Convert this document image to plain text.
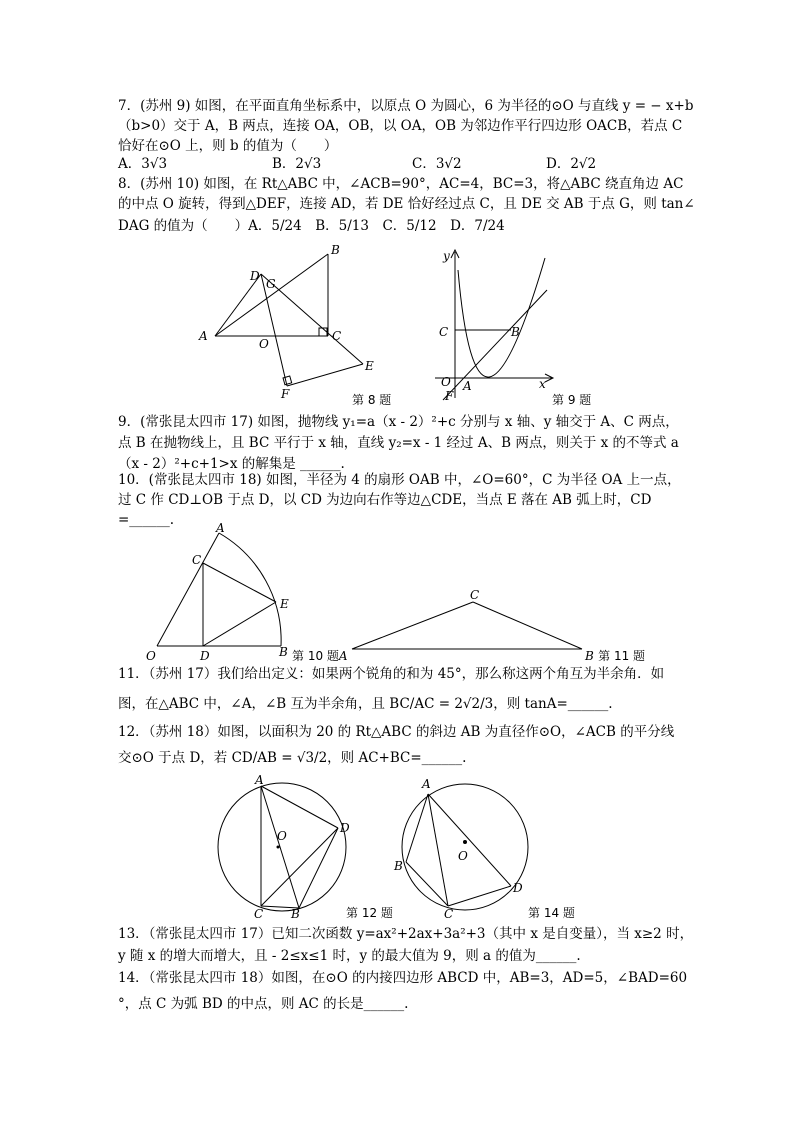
7．(苏州 9) 如图，在平面直角坐标系中，以原点 O 为圆心，6 为半径的⊙O 与直线 y = − x+b
（b>0）交于 A，B 两点，连接 OA，OB，以 OA，OB 为邻边作平行四边形 OACB，若点 C
恰好在⊙O 上，则 b 的值为（　　）
A．3√3	B．2√3	C．3√2	D．2√2
8．(苏州 10) 如图，在 Rt△ABC 中，∠ACB=90°，AC=4，BC=3，将△ABC 绕直角边 AC
的中点 O 旋转，得到△DEF，连接 AD，若 DE 恰好经过点 C，且 DE 交 AB 于点 G，则 tan∠
DAG 的值为（　　）A．5/24　B．5/13　C．5/12　D．7/24
A
B
C
D
G
O
E
F	第 8 题
y
x
C	B
O
F
A
第 9 题
9．(常张昆太四市 17) 如图，抛物线 y₁=a（x - 2）²+c 分别与 x 轴、y 轴交于 A、C 两点，
点 B 在抛物线上，且 BC 平行于 x 轴，直线 y₂=x - 1 经过 A、B 两点，则关于 x 的不等式 a
（x - 2）²+c+1>x 的解集是 ______.
10．(常张昆太四市 18) 如图，半径为 4 的扇形 OAB 中，∠O=60°，C 为半径 OA 上一点，
过 C 作 CD⊥OB 于点 D，以 CD 为边向右作等边△CDE，当点 E 落在 AB 弧上时，CD
=______.	A
C
E
O	D	B 第 10 题
C
A	B 第 11 题
11．（苏州 17）我们给出定义：如果两个锐角的和为 45°，那么称这两个角互为半余角．如
图，在△ABC 中，∠A，∠B 互为半余角，且 BC/AC = 2√2/3，则 tanA=______.
12．（苏州 18）如图，以面积为 20 的 Rt△ABC 的斜边 AB 为直径作⊙O，∠ACB 的平分线
交⊙O 于点 D，若 CD/AB = √3/2，则 AC+BC=______.
A
O
D
C B	第 12 题
A
O
B
C
D
第 14 题
13．（常张昆太四市 17）已知二次函数 y=ax²+2ax+3a²+3（其中 x 是自变量），当 x≥2 时，
y 随 x 的增大而增大，且 - 2≤x≤1 时，y 的最大值为 9，则 a 的值为______.
14．（常张昆太四市 18）如图，在⊙O 的内接四边形 ABCD 中，AB=3，AD=5，∠BAD=60
°，点 C 为弧 BD 的中点，则 AC 的长是______.
